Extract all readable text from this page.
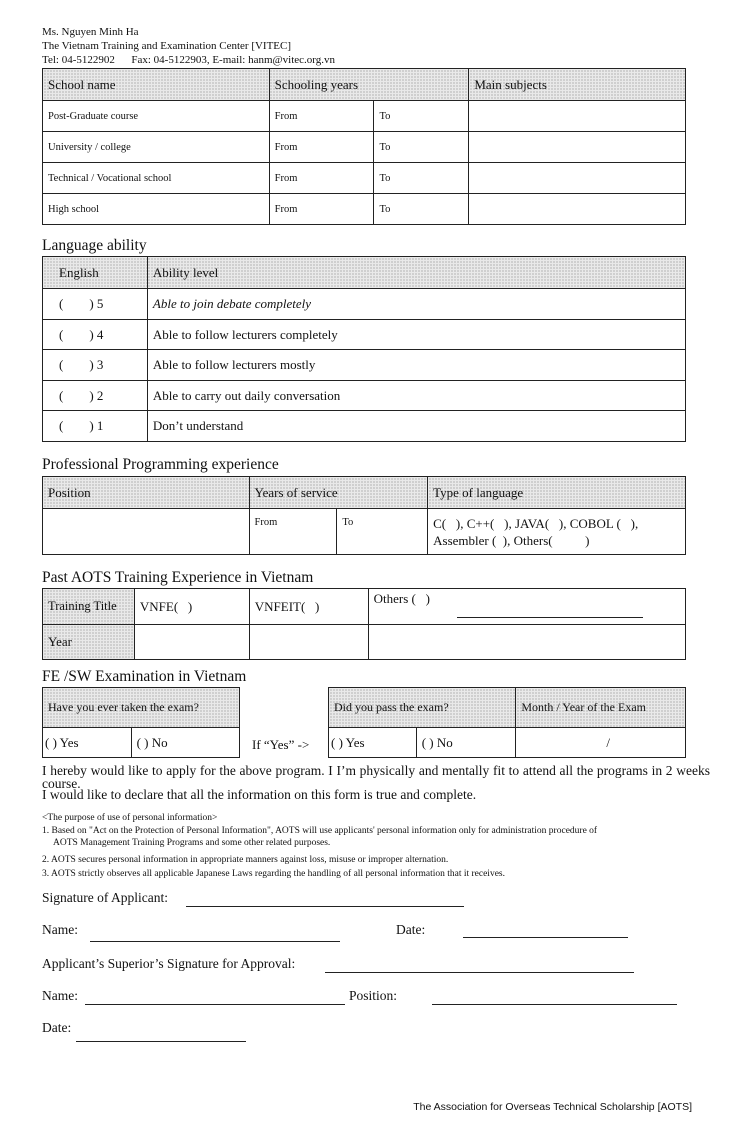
Ms. Nguyen Minh Ha
The Vietnam Training and Examination Center [VITEC]
Tel: 04-5122902      Fax: 04-5122903, E-mail: hanm@vitec.org.vn
School name	Schooling years		Main subjects
Post-Graduate course	From	To	
University / college	From	To	
Technical / Vocational school	From	To	
High school	From	To	
Language ability
English	Ability level
(        ) 5	Able to join debate completely
(        ) 4	Able to follow lecturers completely
(        ) 3	Able to follow lecturers mostly
(        ) 2	Able to carry out daily conversation
(        ) 1	Don’t understand
Professional Programming experience
Position	Years of service		Type of language
	From	To	C(   ), C++(   ), JAVA(   ), COBOL (   ),
Assembler (  ), Others(          )
Past AOTS Training Experience in Vietnam
Training Title	VNFE(   )	VNFEIT(   )	Others (   )

Year			
FE /SW Examination in Vietnam
Have you ever taken the exam?
( ) Yes	( ) No	If “Yes” ->
Did you pass the exam?		Month / Year of the Exam
( ) Yes	( ) No	/
I hereby would like to apply for the above program. I I’m physically and mentally fit to attend all the programs in 2 weeks course.
I would like to declare that all the information on this form is true and complete.
<The purpose of use of personal information>
1. Based on "Act on the Protection of Personal Information", AOTS will use applicants' personal information only for administration procedure of
AOTS Management Training Programs and some other related purposes.
2. AOTS secures personal information in appropriate manners against loss, misuse or improper alternation.
3. AOTS strictly observes all applicable Japanese Laws regarding the handling of all personal information that it receives.
Signature of Applicant:
Name:	Date:
Applicant’s Superior’s Signature for Approval:
Name:	Position:
Date:
The Association for Overseas Technical Scholarship [AOTS]
